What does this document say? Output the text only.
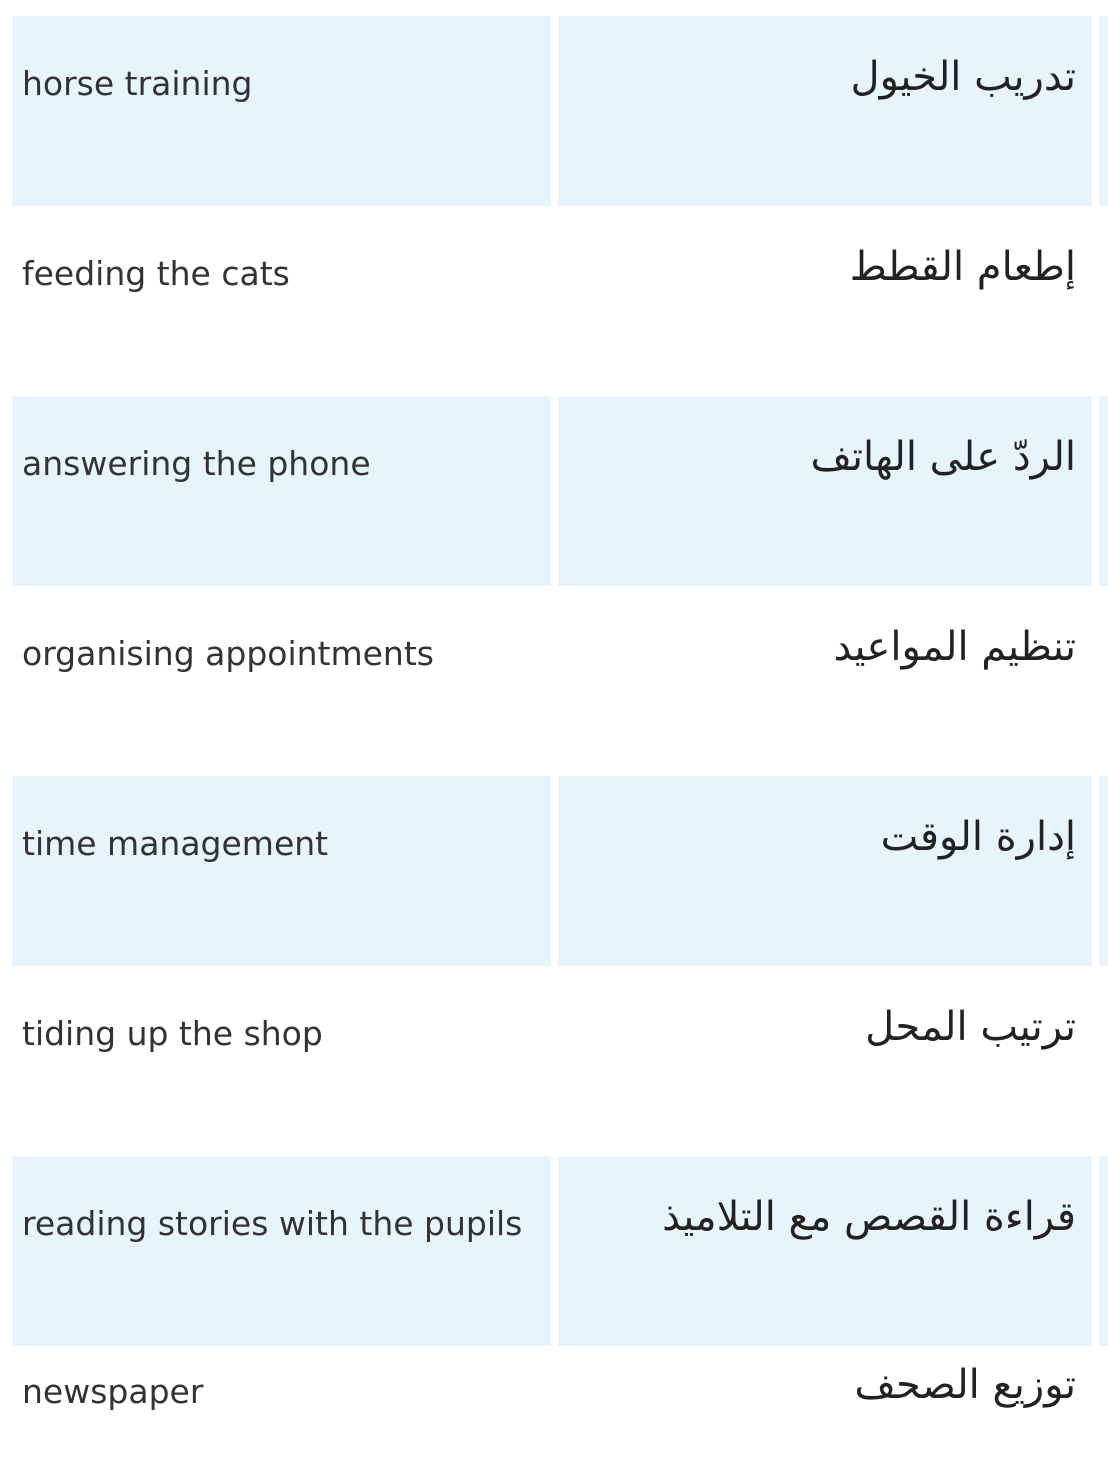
horse training	تدريب الخيول
feeding the cats	إطعام القطط
answering the phone	الردّ على الهاتف
organising appointments	تنظيم المواعيد
time management	إدارة الوقت
tiding up the shop	ترتيب المحل
reading stories with the pupils	قراءة القصص مع التلاميذ
newspaper	توزيع الصحف
